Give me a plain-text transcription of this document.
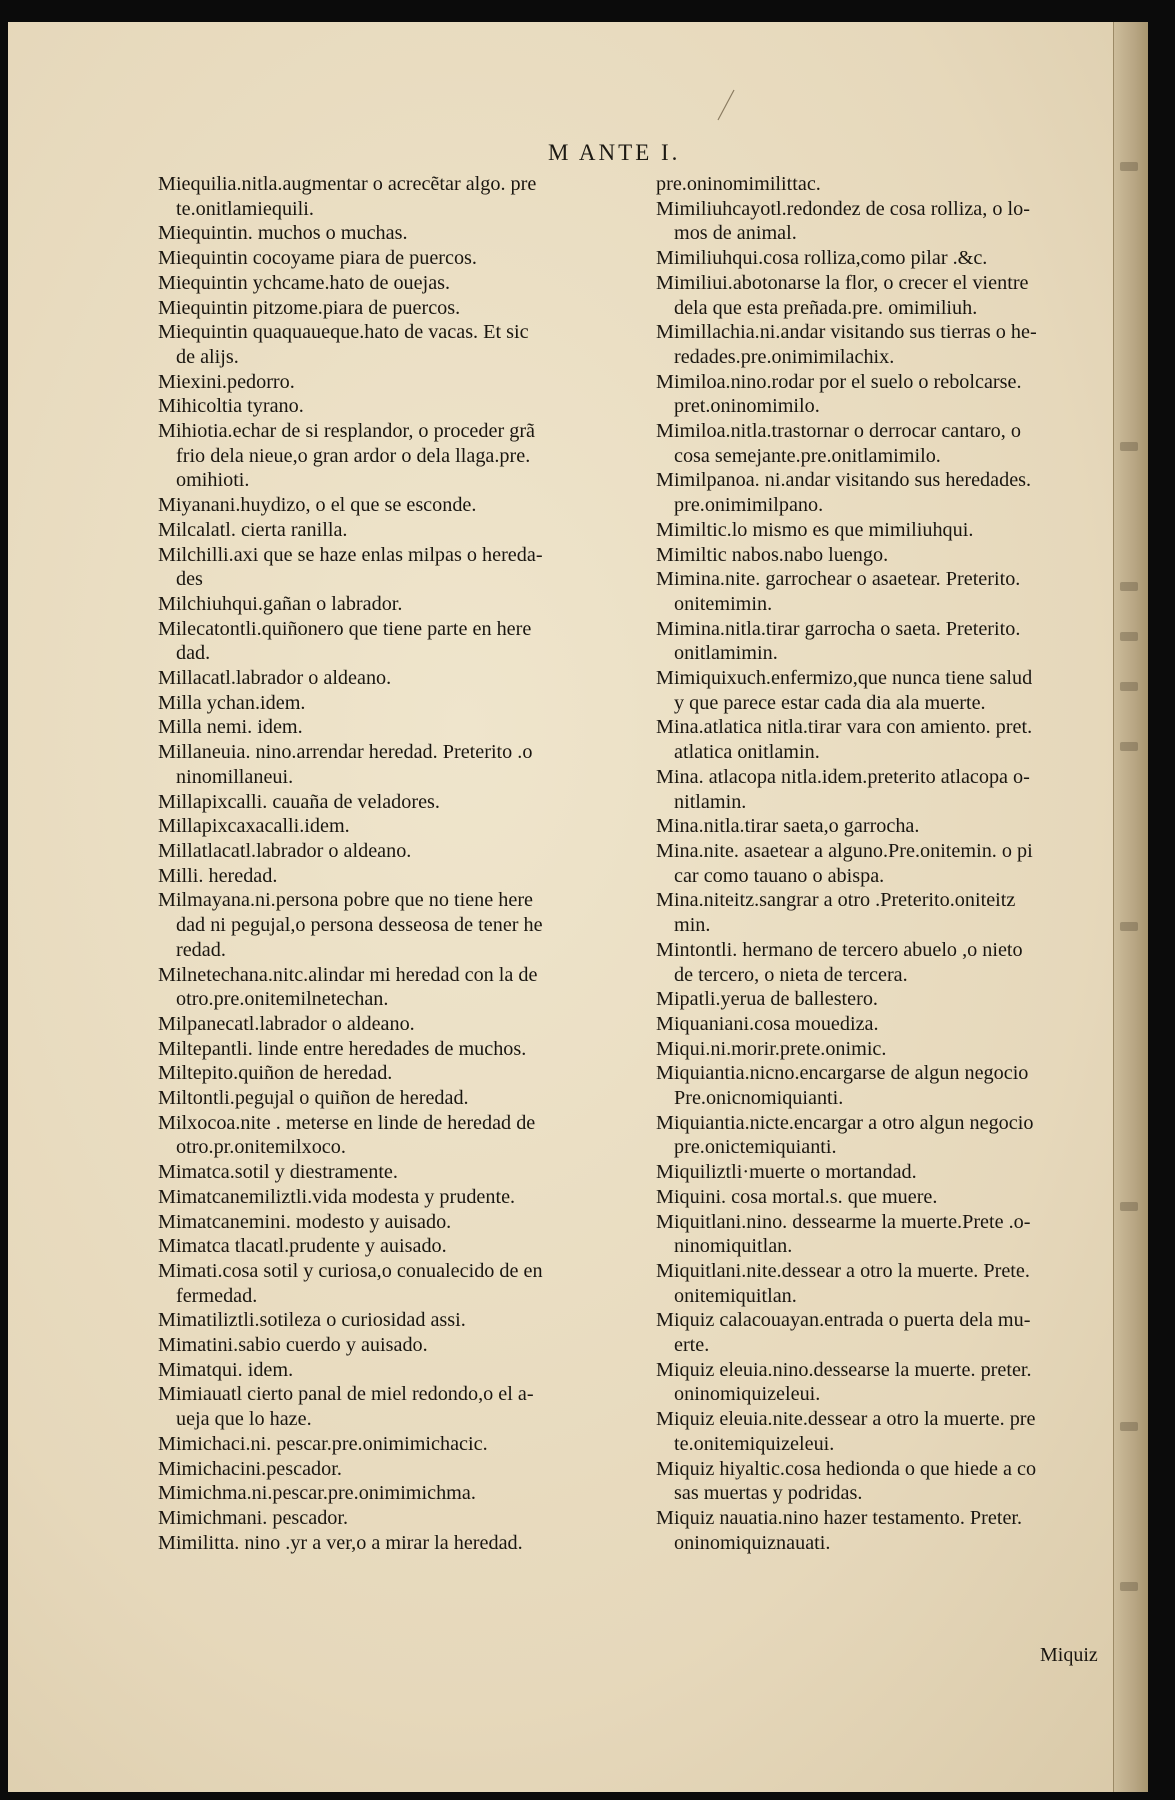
M ANTE I.
Miequilia.nitla.augmentar o acrecẽtar algo. pre
te.onitlamiequili.
Miequintin. muchos o muchas.
Miequintin cocoyame piara de puercos.
Miequintin ychcame.hato de ouejas.
Miequintin pitzome.piara de puercos.
Miequintin quaquaueque.hato de vacas. Et sic
de alijs.
Miexini.pedorro.
Mihicoltia tyrano.
Mihiotia.echar de si resplandor, o proceder grã
frio dela nieue,o gran ardor o dela llaga.pre.
omihioti.
Miyanani.huydizo, o el que se esconde.
Milcalatl. cierta ranilla.
Milchilli.axi que se haze enlas milpas o hereda-
des
Milchiuhqui.gañan o labrador.
Milecatontli.quiñonero que tiene parte en here
dad.
Millacatl.labrador o aldeano.
Milla ychan.idem.
Milla nemi. idem.
Millaneuia. nino.arrendar heredad. Preterito .o
ninomillaneui.
Millapixcalli. cauaña de veladores.
Millapixcaxacalli.idem.
Millatlacatl.labrador o aldeano.
Milli. heredad.
Milmayana.ni.persona pobre que no tiene here
dad ni pegujal,o persona desseosa de tener he
redad.
Milnetechana.nitc.alindar mi heredad con la de
otro.pre.onitemilnetechan.
Milpanecatl.labrador o aldeano.
Miltepantli. linde entre heredades de muchos.
Miltepito.quiñon de heredad.
Miltontli.pegujal o quiñon de heredad.
Milxocoa.nite . meterse en linde de heredad de
otro.pr.onitemilxoco.
Mimatca.sotil y diestramente.
Mimatcanemiliztli.vida modesta y prudente.
Mimatcanemini. modesto y auisado.
Mimatca tlacatl.prudente y auisado.
Mimati.cosa sotil y curiosa,o conualecido de en
fermedad.
Mimatiliztli.sotileza o curiosidad assi.
Mimatini.sabio cuerdo y auisado.
Mimatqui. idem.
Mimiauatl cierto panal de miel redondo,o el a-
ueja que lo haze.
Mimichaci.ni. pescar.pre.onimimichacic.
Mimichacini.pescador.
Mimichma.ni.pescar.pre.onimimichma.
Mimichmani. pescador.
Mimilitta. nino .yr a ver,o a mirar la heredad.
pre.oninomimilittac.
Mimiliuhcayotl.redondez de cosa rolliza, o lo-
mos de animal.
Mimiliuhqui.cosa rolliza,como pilar .&c.
Mimiliui.abotonarse la flor, o crecer el vientre
dela que esta preñada.pre. omimiliuh.
Mimillachia.ni.andar visitando sus tierras o he-
redades.pre.onimimilachix.
Mimiloa.nino.rodar por el suelo o rebolcarse.
pret.oninomimilo.
Mimiloa.nitla.trastornar o derrocar cantaro, o
cosa semejante.pre.onitlamimilo.
Mimilpanoa. ni.andar visitando sus heredades.
pre.onimimilpano.
Mimiltic.lo mismo es que mimiliuhqui.
Mimiltic nabos.nabo luengo.
Mimina.nite. garrochear o asaetear. Preterito.
onitemimin.
Mimina.nitla.tirar garrocha o saeta. Preterito.
onitlamimin.
Mimiquixuch.enfermizo,que nunca tiene salud
y que parece estar cada dia ala muerte.
Mina.atlatica nitla.tirar vara con amiento. pret.
atlatica onitlamin.
Mina. atlacopa nitla.idem.preterito atlacopa o-
nitlamin.
Mina.nitla.tirar saeta,o garrocha.
Mina.nite. asaetear a alguno.Pre.onitemin. o pi
car como tauano o abispa.
Mina.niteitz.sangrar a otro .Preterito.oniteitz
min.
Mintontli. hermano de tercero abuelo ,o nieto
de tercero, o nieta de tercera.
Mipatli.yerua de ballestero.
Miquaniani.cosa mouediza.
Miqui.ni.morir.prete.onimic.
Miquiantia.nicno.encargarse de algun negocio
Pre.onicnomiquianti.
Miquiantia.nicte.encargar a otro algun negocio
pre.onictemiquianti.
Miquiliztli·muerte o mortandad.
Miquini. cosa mortal.s. que muere.
Miquitlani.nino. dessearme la muerte.Prete .o-
ninomiquitlan.
Miquitlani.nite.dessear a otro la muerte. Prete.
onitemiquitlan.
Miquiz calacouayan.entrada o puerta dela mu-
erte.
Miquiz eleuia.nino.dessearse la muerte. preter.
oninomiquizeleui.
Miquiz eleuia.nite.dessear a otro la muerte. pre
te.onitemiquizeleui.
Miquiz hiyaltic.cosa hedionda o que hiede a co
sas muertas y podridas.
Miquiz nauatia.nino hazer testamento. Preter.
oninomiquiznauati.
Miquiz
